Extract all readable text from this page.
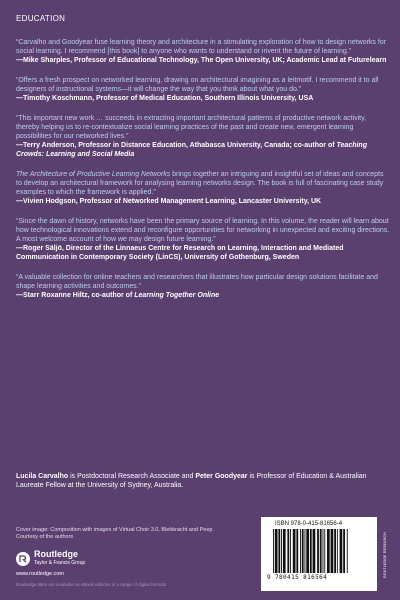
EDUCATION

“Carvalho and Goodyear fuse learning theory and architecture in a stimulating exploration of how to design networks for social learning. I recommend [this book] to anyone who wants to understand or invent the future of learning.”

—Mike Sharples, Professor of Educational Technology, The Open University, UK; Academic Lead at Futurelearn

“Offers a fresh prospect on networked learning, drawing on architectural imagining as a leitmotif. I recommend it to all designers of instructional systems—it will change the way that you think about what you do.”

—Timothy Koschmann, Professor of Medical Education, Southern Illinois University, USA

“This important new work … succeeds in extracting important architectural patterns of productive network activity, thereby helping us to re-contextualize social learning practices of the past and create new, emergent learning possibilities for our networked lives.”

—Terry Anderson, Professor in Distance Education, Athabasca University, Canada; co-author of Teaching Crowds: Learning and Social Media

The Architecture of Productive Learning Networks brings together an intriguing and insightful set of ideas and concepts to develop an architectural framework for analysing learning networks design. The book is full of fascinating case study examples to which the framework is applied.”

—Vivien Hodgson, Professor of Networked Management Learning, Lancaster University, UK

“Since the dawn of history, networks have been the primary source of learning. In this volume, the reader will learn about how technological innovations extend and reconfigure opportunities for networking in unexpected and exciting directions. A most welcome account of how we may design future learning.”

—Roger Säljö, Director of the Linnaeus Centre for Research on Learning, Interaction and Mediated Communication in Contemporary Society (LinCS), University of Gothenburg, Sweden

“A valuable collection for online teachers and researchers that illustrates how particular design solutions facilitate and shape learning activities and outcomes.”

—Starr Roxanne Hiltz, co-author of Learning Together Online

Lucila Carvalho is Postdoctoral Research Associate and Peter Goodyear is Professor of Education & Australian Laureate Fellow at the University of Sydney, Australia.
Cover image: Composition with images of Virtual Choir 3.0, Blebkracht and Peep. Courtesy of the authors
Routledge
Taylor & Francis Group
www.routledge.com
Routledge titles are available as eBook editions in a range of digital formats
ISBN 978-0-415-81656-4
9 780415 816564	ROUTLEDGE RESEARCH
